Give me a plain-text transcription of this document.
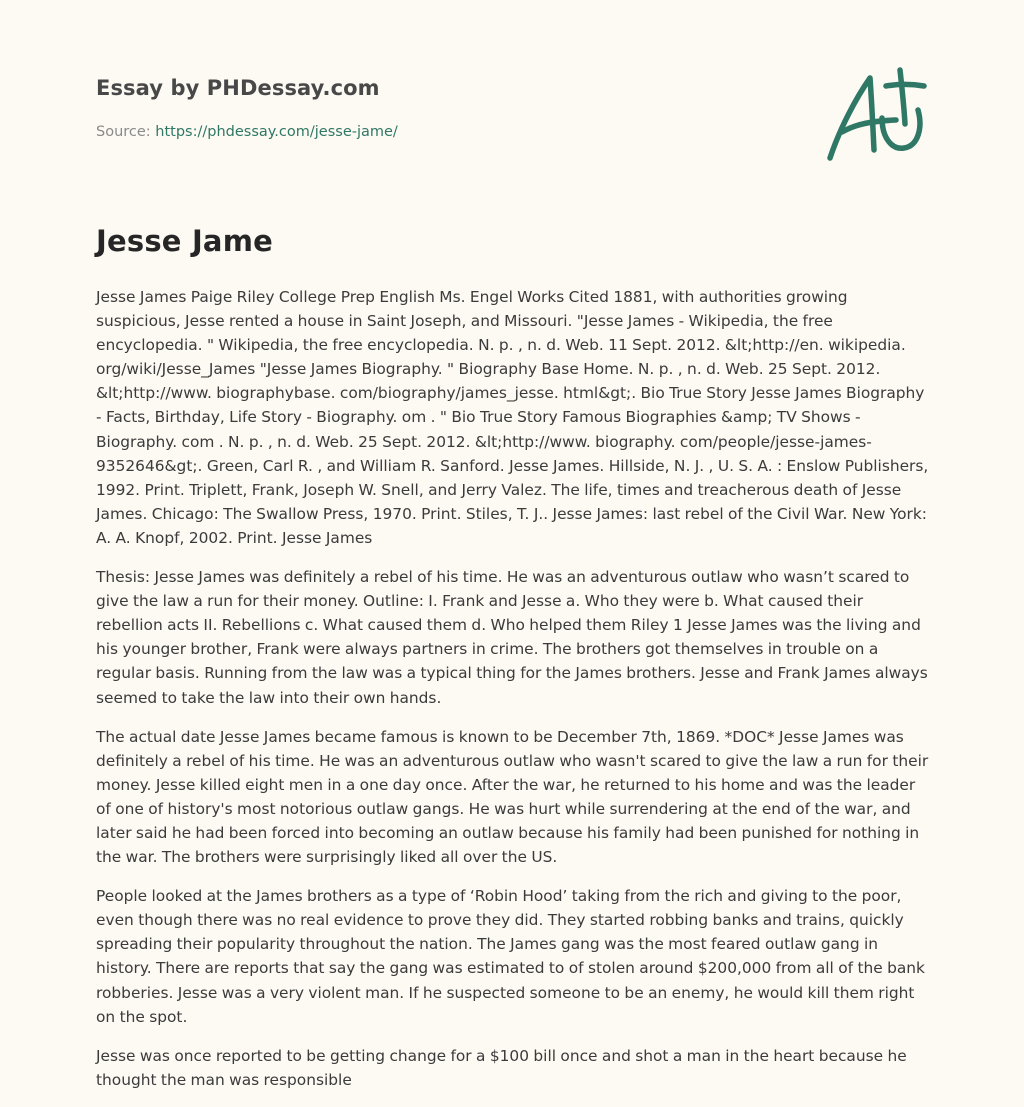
Essay by PHDessay.com
Source: https://phdessay.com/jesse-jame/
Jesse Jame

Jesse James Paige Riley College Prep English Ms. Engel Works Cited 1881, with authorities growing suspicious, Jesse rented a house in Saint Joseph, and Missouri. "Jesse James - Wikipedia, the free encyclopedia. " Wikipedia, the free encyclopedia. N. p. , n. d. Web. 11 Sept. 2012. &lt;http://en. wikipedia. org/wiki/Jesse_James "Jesse James Biography. " Biography Base Home. N. p. , n. d. Web. 25 Sept. 2012. &lt;http://www. biographybase. com/biography/james_jesse. html&gt;. Bio True Story Jesse James Biography - Facts, Birthday, Life Story - Biography. om . " Bio True Story Famous Biographies &amp; TV Shows - Biography. com . N. p. , n. d. Web. 25 Sept. 2012. &lt;http://www. biography. com/people/jesse-james-9352646&gt;. Green, Carl R. , and William R. Sanford. Jesse James. Hillside, N. J. , U. S. A. : Enslow Publishers, 1992. Print. Triplett, Frank, Joseph W. Snell, and Jerry Valez. The life, times and treacherous death of Jesse James. Chicago: The Swallow Press, 1970. Print. Stiles, T. J.. Jesse James: last rebel of the Civil War. New York: A. A. Knopf, 2002. Print. Jesse James

Thesis: Jesse James was definitely a rebel of his time. He was an adventurous outlaw who wasn’t scared to give the law a run for their money. Outline: I. Frank and Jesse a. Who they were b. What caused their rebellion acts II. Rebellions c. What caused them d. Who helped them Riley 1 Jesse James was the living and his younger brother, Frank were always partners in crime. The brothers got themselves in trouble on a regular basis. Running from the law was a typical thing for the James brothers. Jesse and Frank James always seemed to take the law into their own hands.

The actual date Jesse James became famous is known to be December 7th, 1869. *DOC* Jesse James was definitely a rebel of his time. He was an adventurous outlaw who wasn't scared to give the law a run for their money. Jesse killed eight men in a one day once. After the war, he returned to his home and was the leader of one of history's most notorious outlaw gangs. He was hurt while surrendering at the end of the war, and later said he had been forced into becoming an outlaw because his family had been punished for nothing in the war. The brothers were surprisingly liked all over the US.

People looked at the James brothers as a type of ‘Robin Hood’ taking from the rich and giving to the poor, even though there was no real evidence to prove they did. They started robbing banks and trains, quickly spreading their popularity throughout the nation. The James gang was the most feared outlaw gang in history. There are reports that say the gang was estimated to of stolen around $200,000 from all of the bank robberies. Jesse was a very violent man. If he suspected someone to be an enemy, he would kill them right on the spot.

Jesse was once reported to be getting change for a $100 bill once and shot a man in the heart because he thought the man was responsible
